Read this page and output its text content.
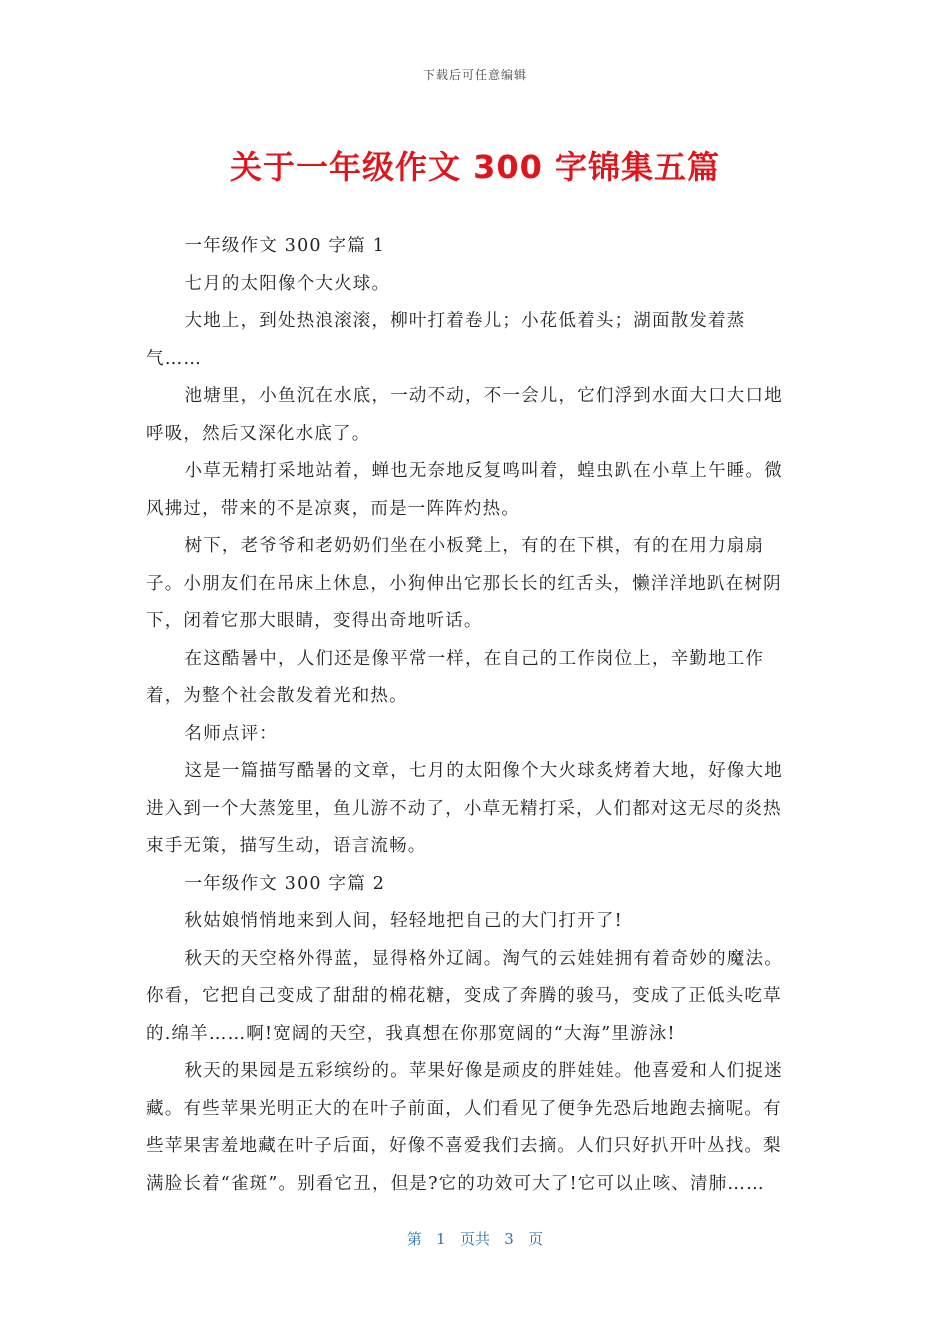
下载后可任意编辑
关于一年级作文 300 字锦集五篇

一年级作文 300 字篇 1

七月的太阳像个大火球。

大地上，到处热浪滚滚，柳叶打着卷儿；小花低着头；湖面散发着蒸气……

池塘里，小鱼沉在水底，一动不动，不一会儿，它们浮到水面大口大口地呼吸，然后又深化水底了。

小草无精打采地站着，蝉也无奈地反复鸣叫着，蝗虫趴在小草上午睡。微风拂过，带来的不是凉爽，而是一阵阵灼热。

树下，老爷爷和老奶奶们坐在小板凳上，有的在下棋，有的在用力扇扇子。小朋友们在吊床上休息，小狗伸出它那长长的红舌头，懒洋洋地趴在树阴下，闭着它那大眼睛，变得出奇地听话。

在这酷暑中，人们还是像平常一样，在自己的工作岗位上，辛勤地工作着，为整个社会散发着光和热。

名师点评：

这是一篇描写酷暑的文章，七月的太阳像个大火球炙烤着大地，好像大地进入到一个大蒸笼里，鱼儿游不动了，小草无精打采，人们都对这无尽的炎热束手无策，描写生动，语言流畅。

一年级作文 300 字篇 2

秋姑娘悄悄地来到人间，轻轻地把自己的大门打开了!

秋天的天空格外得蓝，显得格外辽阔。淘气的云娃娃拥有着奇妙的魔法。你看，它把自己变成了甜甜的棉花糖，变成了奔腾的骏马，变成了正低头吃草的.绵羊……啊!宽阔的天空，我真想在你那宽阔的“大海”里游泳!

秋天的果园是五彩缤纷的。苹果好像是顽皮的胖娃娃。他喜爱和人们捉迷藏。有些苹果光明正大的在叶子前面，人们看见了便争先恐后地跑去摘呢。有些苹果害羞地藏在叶子后面，好像不喜爱我们去摘。人们只好扒开叶丛找。梨满脸长着“雀斑”。别看它丑，但是?它的功效可大了!它可以止咳、清肺……

第   1   页共   3   页
